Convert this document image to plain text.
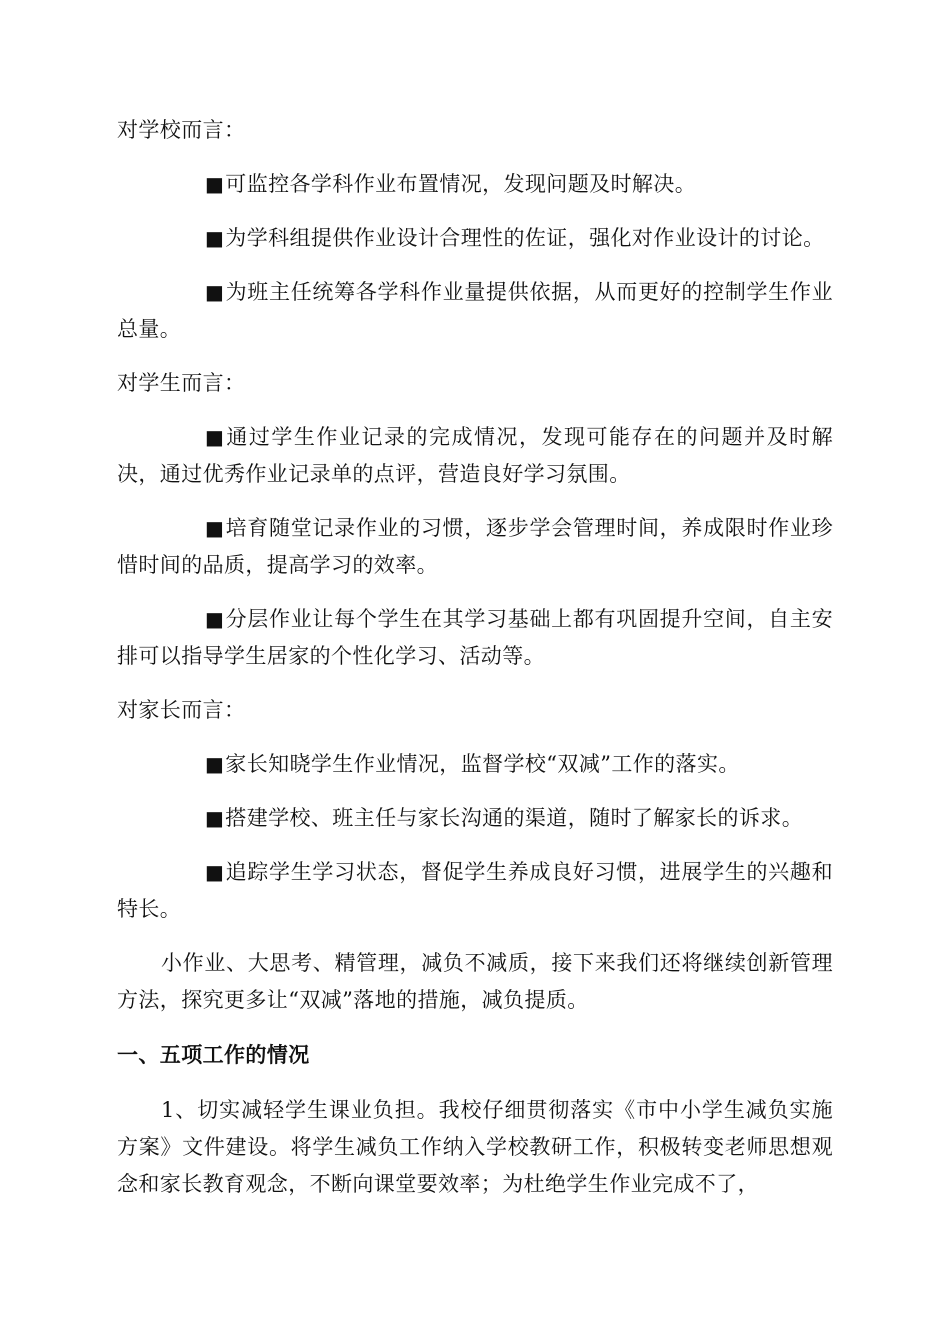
对学校而言：

■可监控各学科作业布置情况，发现问题及时解决。

■为学科组提供作业设计合理性的佐证，强化对作业设计的讨论。

■为班主任统筹各学科作业量提供依据，从而更好的控制学生作业总量。

对学生而言：

■通过学生作业记录的完成情况，发现可能存在的问题并及时解决，通过优秀作业记录单的点评，营造良好学习氛围。

■培育随堂记录作业的习惯，逐步学会管理时间，养成限时作业珍惜时间的品质，提高学习的效率。

■分层作业让每个学生在其学习基础上都有巩固提升空间，自主安排可以指导学生居家的个性化学习、活动等。

对家长而言：

■家长知晓学生作业情况，监督学校“双减”工作的落实。

■搭建学校、班主任与家长沟通的渠道，随时了解家长的诉求。

■追踪学生学习状态，督促学生养成良好习惯，进展学生的兴趣和特长。

小作业、大思考、精管理，减负不减质，接下来我们还将继续创新管理方法，探究更多让“双减”落地的措施，减负提质。

一、五项工作的情况

1、切实减轻学生课业负担。我校仔细贯彻落实《市中小学生减负实施方案》文件建设。将学生减负工作纳入学校教研工作，积极转变老师思想观念和家长教育观念，不断向课堂要效率；为杜绝学生作业完成不了，
